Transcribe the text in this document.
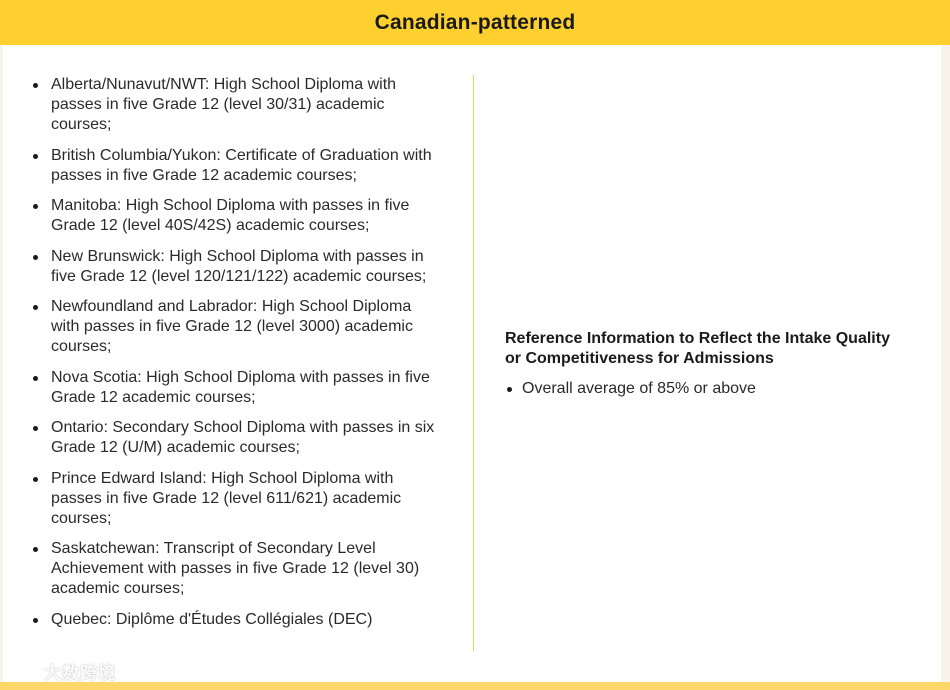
Canadian-patterned
Alberta/Nunavut/NWT: High School Diploma with passes in five Grade 12 (level 30/31) academic courses;
British Columbia/Yukon: Certificate of Graduation with passes in five Grade 12 academic courses;
Manitoba: High School Diploma with passes in five Grade 12 (level 40S/42S) academic courses;
New Brunswick: High School Diploma with passes in five Grade 12 (level 120/121/122) academic courses;
Newfoundland and Labrador: High School Diploma with passes in five Grade 12 (level 3000) academic courses;
Nova Scotia: High School Diploma with passes in five Grade 12 academic courses;
Ontario: Secondary School Diploma with passes in six Grade 12 (U/M) academic courses;
Prince Edward Island: High School Diploma with passes in five Grade 12 (level 611/621) academic courses;
Saskatchewan: Transcript of Secondary Level Achievement with passes in five Grade 12 (level 30) academic courses;
Quebec: Diplôme d'Études Collégiales (DEC)

Reference Information to Reflect the Intake Quality or Competitiveness for Admissions

Overall average of 85% or above
大数跨境
